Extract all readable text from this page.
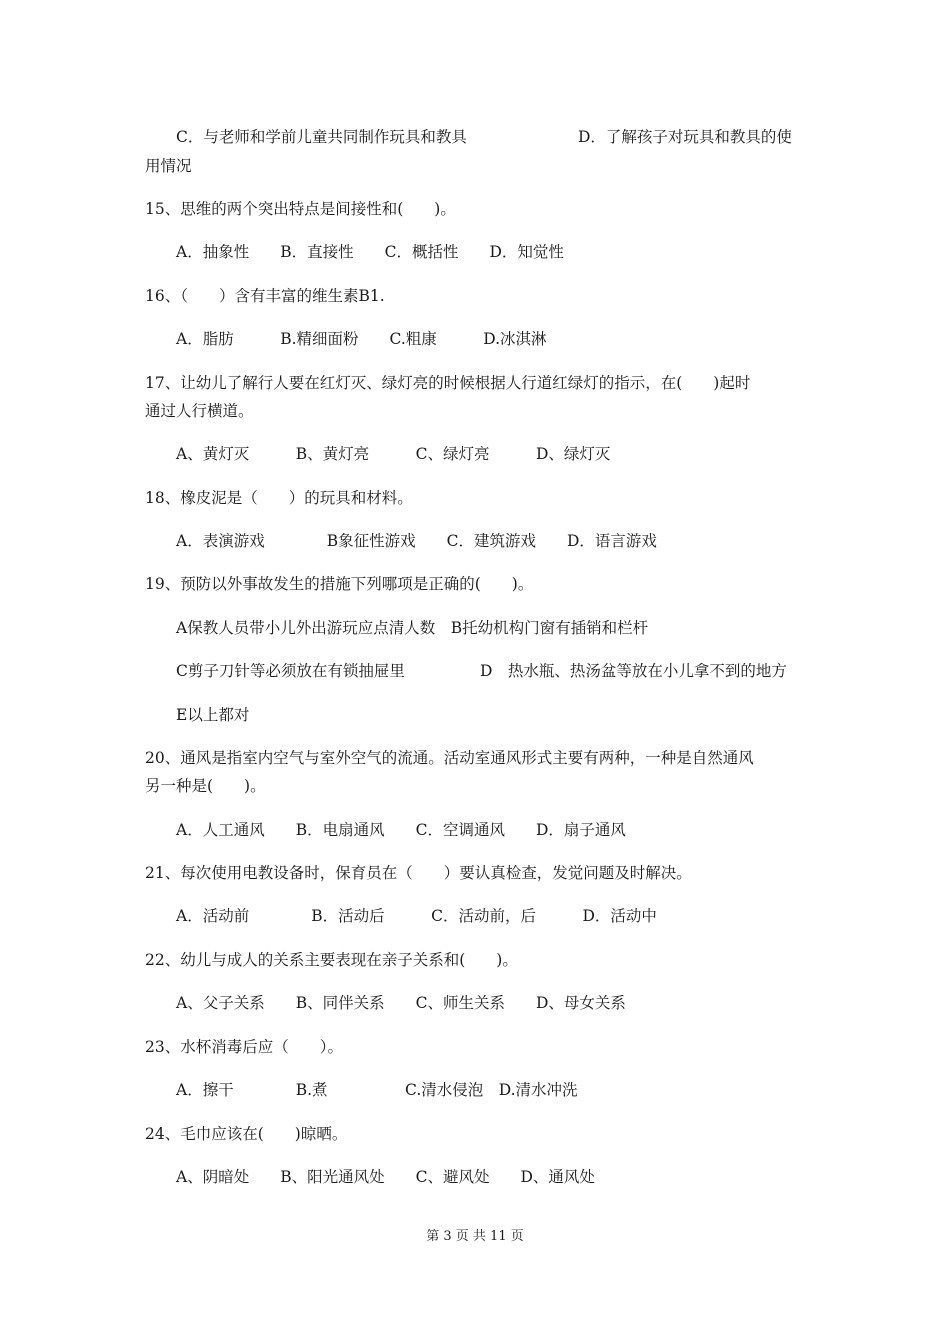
C．与老师和学前儿童共同制作玩具和教具	D．了解孩子对玩具和教具的使
用情况
15、思维的两个突出特点是间接性和(　　)。
A．抽象性　　B．直接性　　C．概括性　　D．知觉性
16、（　　）含有丰富的维生素B1.
A．脂肪　　　B.精细面粉　　C.粗康　　　D.冰淇淋
17、让幼儿了解行人要在红灯灭、绿灯亮的时候根据人行道红绿灯的指示，在(　　)起时
通过人行横道。
A、黄灯灭　　　B、黄灯亮　　　C、绿灯亮　　　D、绿灯灭
18、橡皮泥是（　　）的玩具和材料。
A．表演游戏　　　　B象征性游戏　　C．建筑游戏　　D．语言游戏
19、预防以外事故发生的措施下列哪项是正确的(　　)。
A保教人员带小儿外出游玩应点清人数　B托幼机构门窗有插销和栏杆
C剪子刀针等必须放在有锁抽屉里	D　热水瓶、热汤盆等放在小儿拿不到的地方
E以上都对
20、通风是指室内空气与室外空气的流通。活动室通风形式主要有两种，一种是自然通风
另一种是(　　)。
A．人工通风　　B．电扇通风　　C．空调通风　　D．扇子通风
21、每次使用电教设备时，保育员在（　　）要认真检查，发觉问题及时解决。
A．活动前　　　　B．活动后　　　C．活动前，后　　　D．活动中
22、幼儿与成人的关系主要表现在亲子关系和(　　)。
A、父子关系　　B、同伴关系　　C、师生关系　　D、母女关系
23、水杯消毒后应（　　）。
A．擦干　　　　B.煮　　　　　C.清水侵泡　D.清水冲洗
24、毛巾应该在(　　)晾晒。
A、阴暗处　　B、阳光通风处　　C、避风处　　D、通风处
第 3 页 共 11 页
